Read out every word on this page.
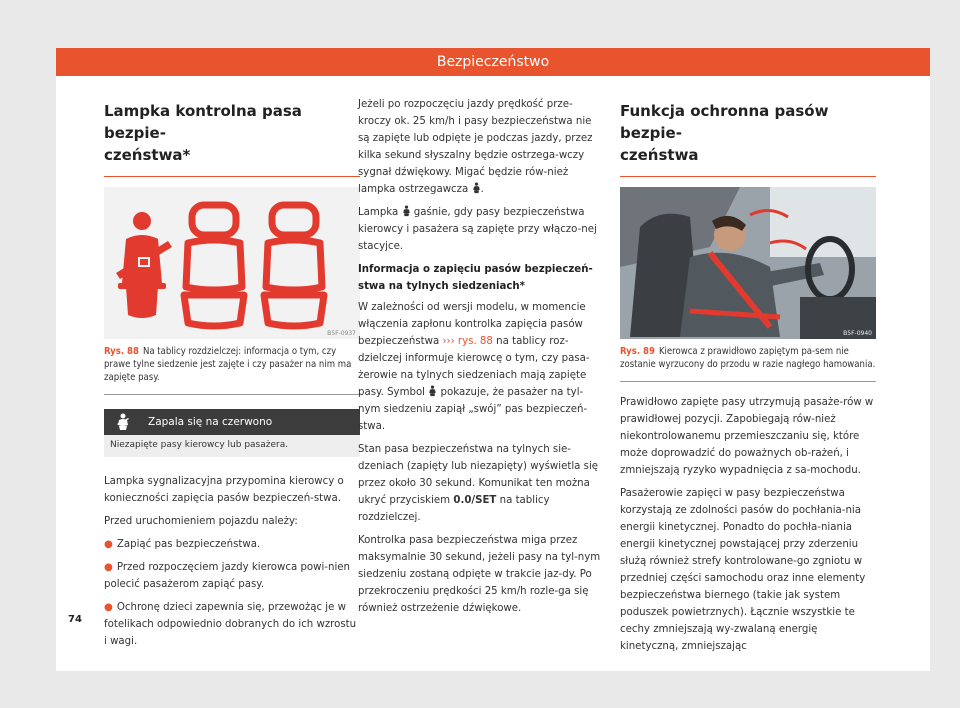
Bezpieczeństwo
Lampka kontrolna pasa bezpie-
czeństwa*
B5F-0937
Rys. 88 Na tablicy rozdzielczej: informacja o tym, czy prawe tylne siedzenie jest zajęte i czy pasażer na nim ma zapięte pasy.
Zapala się na czerwono
Niezapięte pasy kierowcy lub pasażera.

Lampka sygnalizacyjna przypomina kierowcy o konieczności zapięcia pasów bezpieczeń-stwa.

Przed uruchomieniem pojazdu należy:

● Zapiąć pas bezpieczeństwa.

● Przed rozpoczęciem jazdy kierowca powi-nien polecić pasażerom zapiąć pasy.

● Ochronę dzieci zapewnia się, przewożąc je w fotelikach odpowiednio dobranych do ich wzrostu i wagi.

Jeżeli po rozpoczęciu jazdy prędkość prze-kroczy ok. 25 km/h i pasy bezpieczeństwa nie są zapięte lub odpięte je podczas jazdy, przez kilka sekund słyszalny będzie ostrzega-wczy sygnał dźwiękowy. Migać będzie rów-nież lampka ostrzegawcza .

Lampka gaśnie, gdy pasy bezpieczeństwa kierowcy i pasażera są zapięte przy włączo-nej stacyjce.

Informacja o zapięciu pasów bezpieczeń-stwa na tylnych siedzeniach*

W zależności od wersji modelu, w momencie włączenia zapłonu kontrolka zapięcia pasów bezpieczeństwa ››› rys. 88 na tablicy roz-dzielczej informuje kierowcę o tym, czy pasa-żerowie na tylnych siedzeniach mają zapięte pasy. Symbol pokazuje, że pasażer na tyl-nym siedzeniu zapiął „swój” pas bezpieczeń-stwa.

Stan pasa bezpieczeństwa na tylnych sie-dzeniach (zapięty lub niezapięty) wyświetla się przez około 30 sekund. Komunikat ten można ukryć przyciskiem 0.0/SET na tablicy rozdzielczej.

Kontrolka pasa bezpieczeństwa miga przez maksymalnie 30 sekund, jeżeli pasy na tyl-nym siedzeniu zostaną odpięte w trakcie jaz-dy. Po przekroczeniu prędkości 25 km/h rozle-ga się również ostrzeżenie dźwiękowe.

Funkcja ochronna pasów bezpie-
czeństwa
B5F-0940
Rys. 89 Kierowca z prawidłowo zapiętym pa-sem nie zostanie wyrzucony do przodu w razie nagłego hamowania.

Prawidłowo zapięte pasy utrzymują pasaże-rów w prawidłowej pozycji. Zapobiegają rów-nież niekontrolowanemu przemieszczaniu się, które może doprowadzić do poważnych ob-rażeń, i zmniejszają ryzyko wypadnięcia z sa-mochodu.

Pasażerowie zapięci w pasy bezpieczeństwa korzystają ze zdolności pasów do pochłania-nia energii kinetycznej. Ponadto do pochła-niania energii kinetycznej powstającej przy zderzeniu służą również strefy kontrolowane-go zgniotu w przedniej części samochodu oraz inne elementy bezpieczeństwa biernego (takie jak system poduszek powietrznych). Łącznie wszystkie te cechy zmniejszają wy-zwalaną energię kinetyczną, zmniejszając

74
